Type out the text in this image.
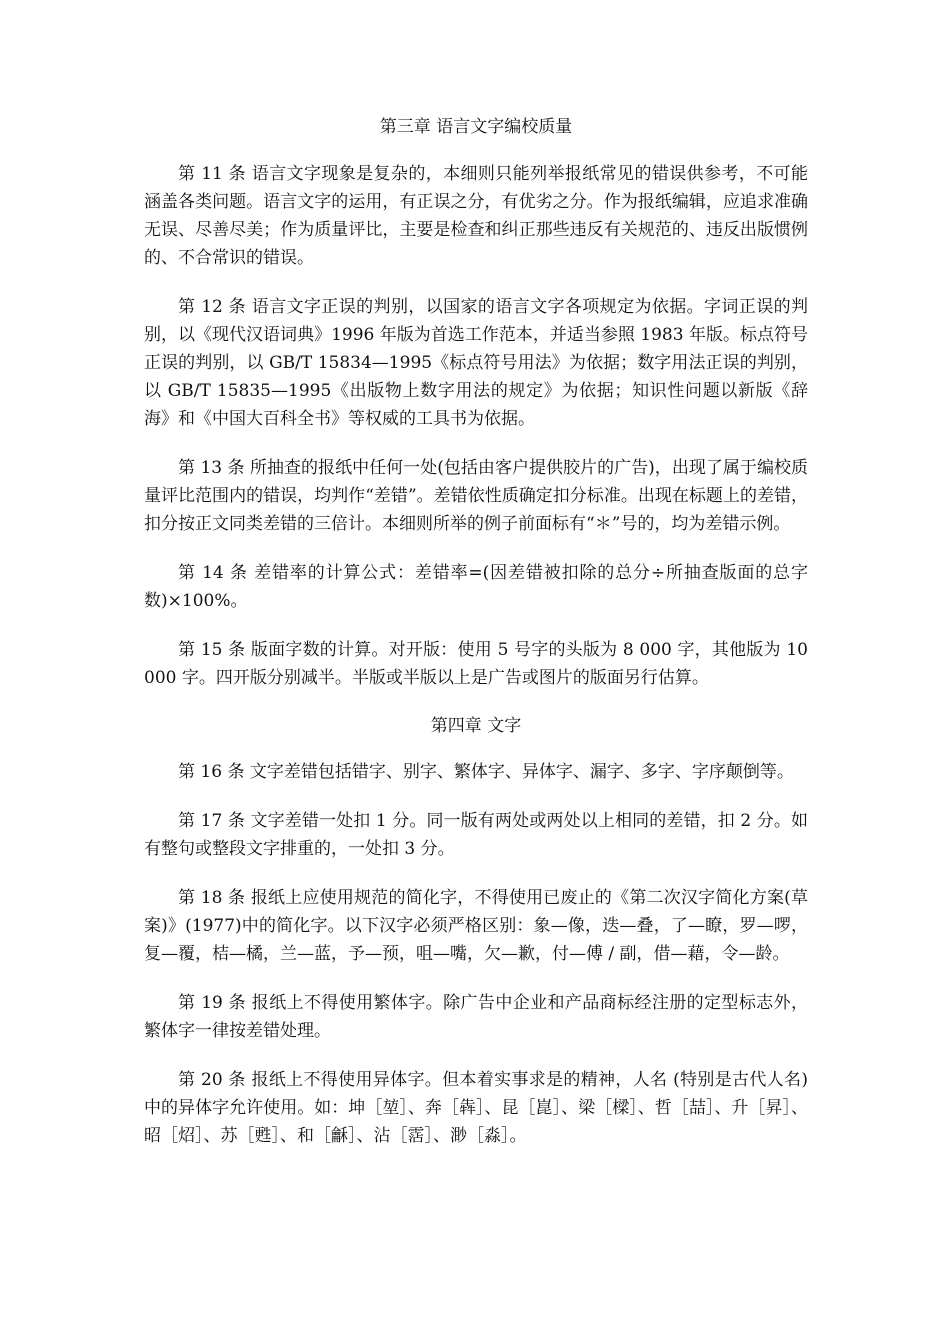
第三章 语言文字编校质量

第 11 条 语言文字现象是复杂的，本细则只能列举报纸常见的错误供参考，不可能涵盖各类问题。语言文字的运用，有正误之分，有优劣之分。作为报纸编辑，应追求准确无误、尽善尽美；作为质量评比，主要是检查和纠正那些违反有关规范的、违反出版惯例的、不合常识的错误。

第 12 条 语言文字正误的判别，以国家的语言文字各项规定为依据。字词正误的判别，以《现代汉语词典》1996 年版为首选工作范本，并适当参照 1983 年版。标点符号正误的判别，以 GB/T 15834—1995《标点符号用法》为依据；数字用法正误的判别，以 GB/T 15835—1995《出版物上数字用法的规定》为依据；知识性问题以新版《辞海》和《中国大百科全书》等权威的工具书为依据。

第 13 条 所抽查的报纸中任何一处(包括由客户提供胶片的广告)，出现了属于编校质量评比范围内的错误，均判作“差错”。差错依性质确定扣分标准。出现在标题上的差错，扣分按正文同类差错的三倍计。本细则所举的例子前面标有“＊”号的，均为差错示例。

第 14 条 差错率的计算公式：差错率=(因差错被扣除的总分÷所抽查版面的总字数)×100%。

第 15 条 版面字数的计算。对开版：使用 5 号字的头版为 8 000 字，其他版为 10 000 字。四开版分别减半。半版或半版以上是广告或图片的版面另行估算。

第四章 文字

第 16 条 文字差错包括错字、别字、繁体字、异体字、漏字、多字、字序颠倒等。

第 17 条 文字差错一处扣 1 分。同一版有两处或两处以上相同的差错，扣 2 分。如有整句或整段文字排重的，一处扣 3 分。

第 18 条 报纸上应使用规范的简化字，不得使用已废止的《第二次汉字简化方案(草案)》(1977)中的简化字。以下汉字必须严格区别：象—像，迭—叠，了—瞭，罗—啰，复—覆，桔—橘，兰—蓝，予—预，咀—嘴，欠—歉，付—傅 / 副，借—藉，令—龄。

第 19 条 报纸上不得使用繁体字。除广告中企业和产品商标经注册的定型标志外，繁体字一律按差错处理。

第 20 条 报纸上不得使用异体字。但本着实事求是的精神，人名 (特别是古代人名)中的异体字允许使用。如：坤［堃］、奔［犇］、昆［崑］、梁［樑］、哲［喆］、升［昇］、昭［炤］、苏［甦］、和［龢］、沾［霑］、渺［淼］。
